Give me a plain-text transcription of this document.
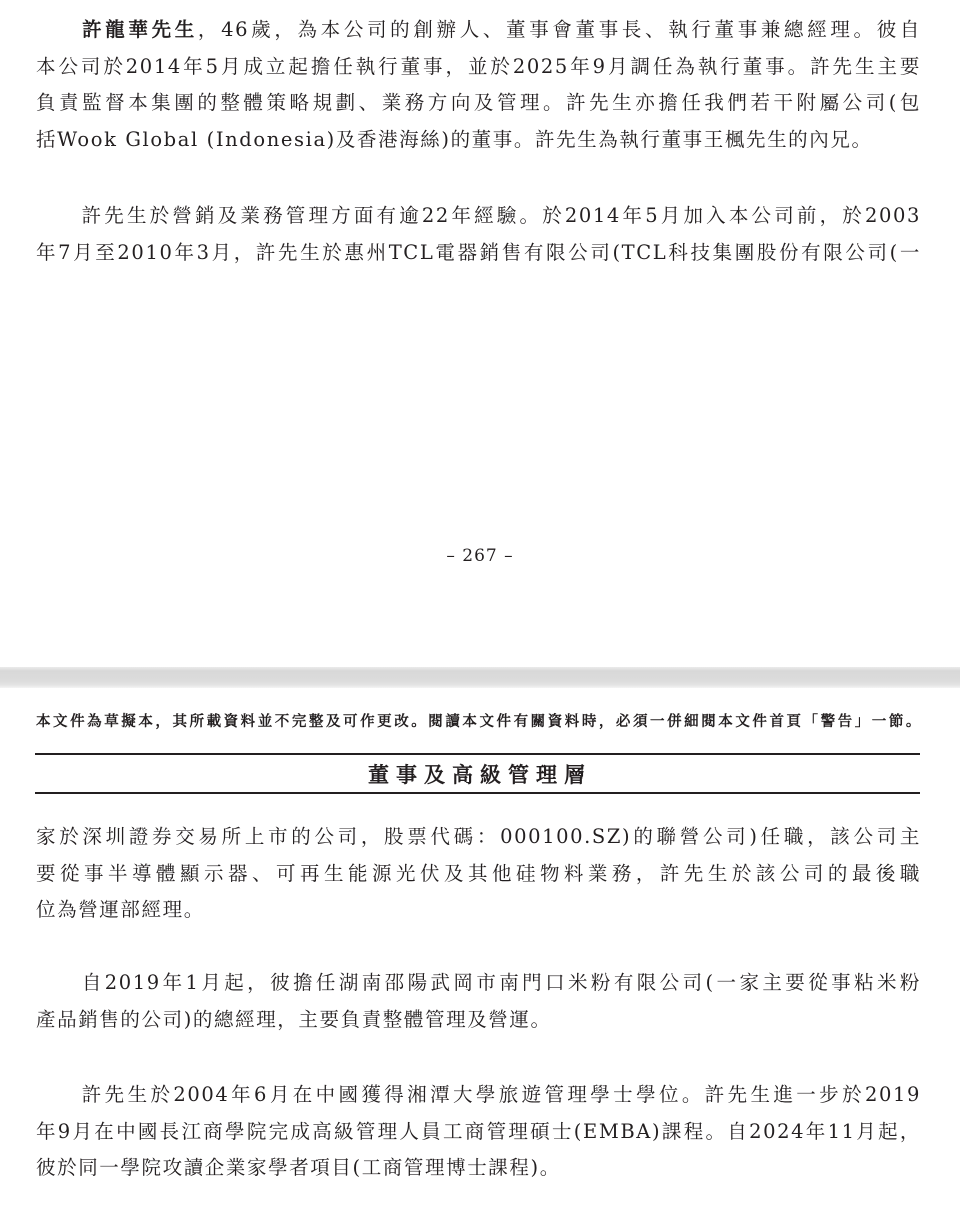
許龍華先生，46歲，為本公司的創辦人、董事會董事長、執行董事兼總經理。彼自
本公司於2014年5月成立起擔任執行董事，並於2025年9月調任為執行董事。許先生主要
負責監督本集團的整體策略規劃、業務方向及管理。許先生亦擔任我們若干附屬公司(包
括Wook Global (Indonesia)及香港海絲)的董事。許先生為執行董事王楓先生的內兄。
許先生於營銷及業務管理方面有逾22年經驗。於2014年5月加入本公司前，於2003
年7月至2010年3月，許先生於惠州TCL電器銷售有限公司(TCL科技集團股份有限公司(一
– 267 –
本文件為草擬本，其所載資料並不完整及可作更改。閱讀本文件有關資料時，必須一併細閱本文件首頁「警告」一節。
董事及高級管理層
家於深圳證券交易所上市的公司，股票代碼：000100.SZ)的聯營公司)任職，該公司主
要從事半導體顯示器、可再生能源光伏及其他硅物料業務，許先生於該公司的最後職
位為營運部經理。
自2019年1月起，彼擔任湖南邵陽武岡市南門口米粉有限公司(一家主要從事粘米粉
產品銷售的公司)的總經理，主要負責整體管理及營運。
許先生於2004年6月在中國獲得湘潭大學旅遊管理學士學位。許先生進一步於2019
年9月在中國長江商學院完成高級管理人員工商管理碩士(EMBA)課程。自2024年11月起，
彼於同一學院攻讀企業家學者項目(工商管理博士課程)。
